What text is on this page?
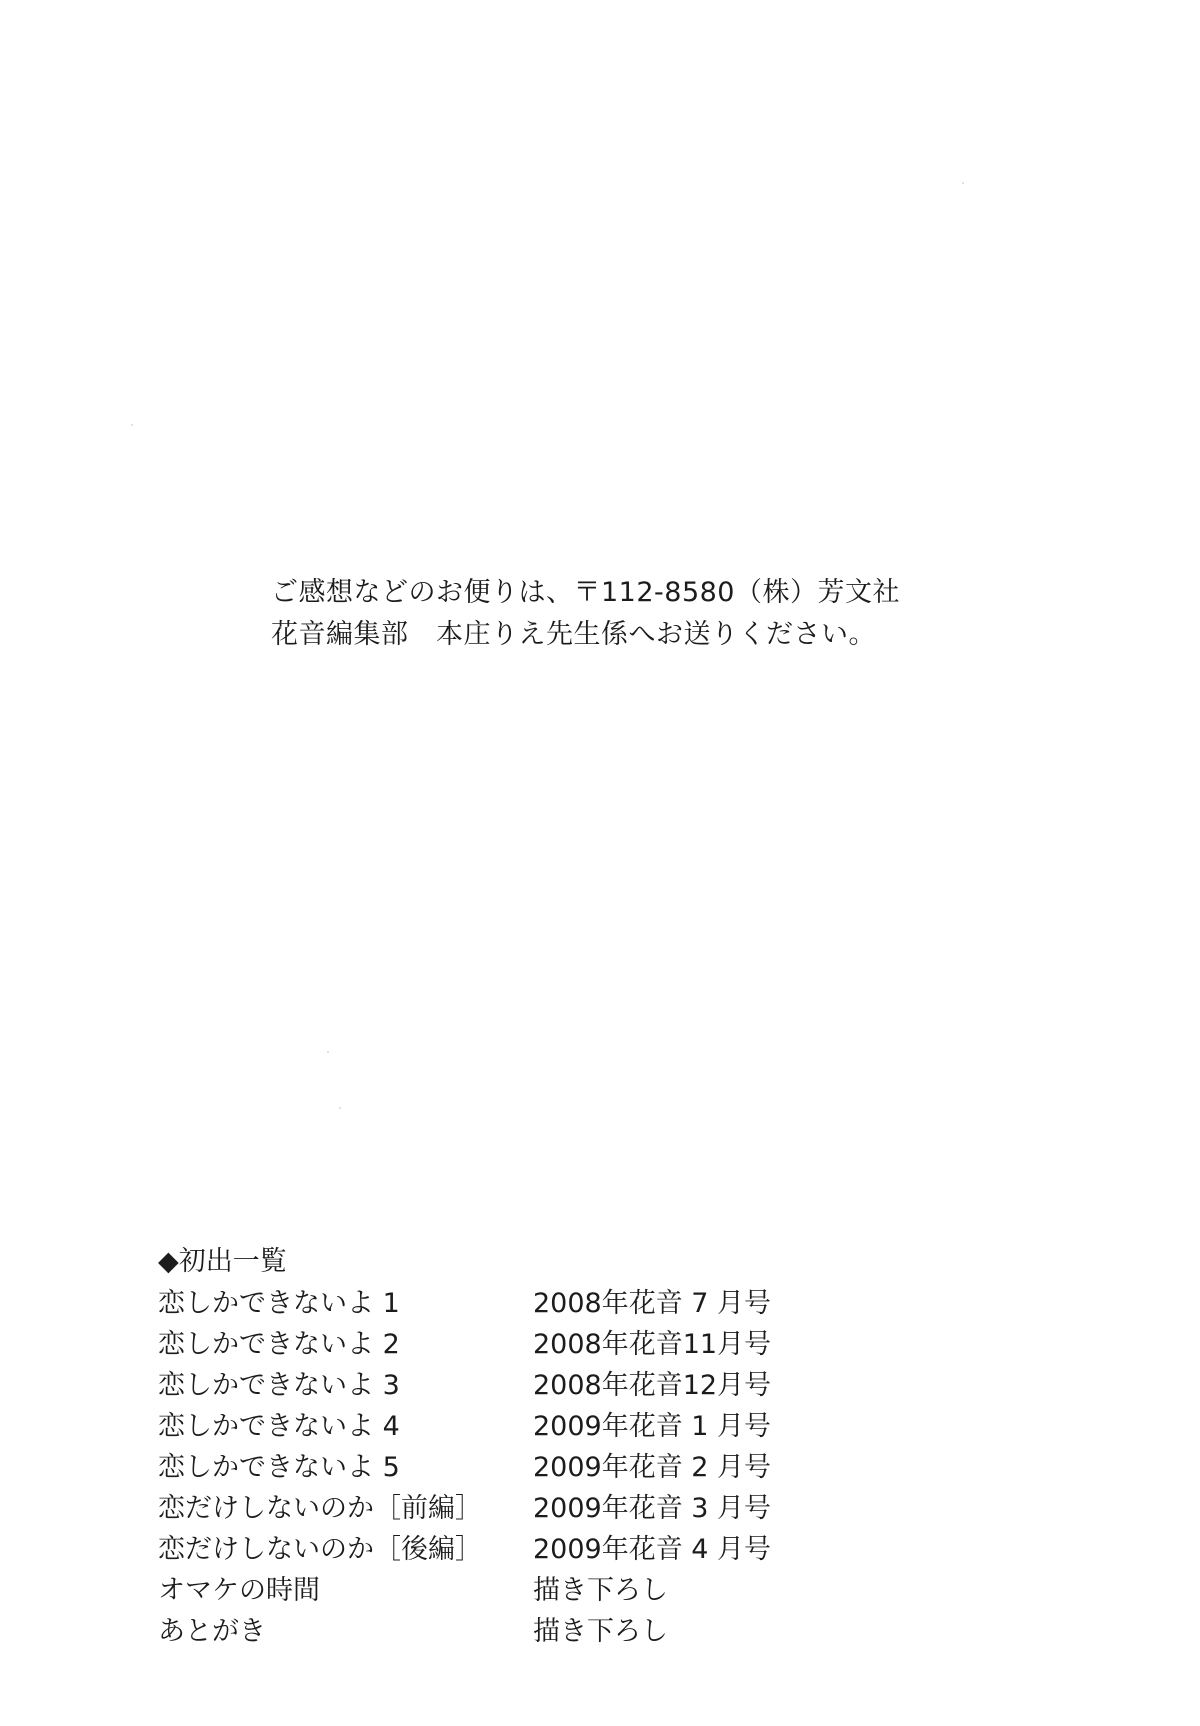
ご感想などのお便りは、〒112-8580（株）芳文社
花音編集部　本庄りえ先生係へお送りください。
◆初出一覧
恋しかできないよ 1	2008年花音 7 月号
恋しかできないよ 2	2008年花音11月号
恋しかできないよ 3	2008年花音12月号
恋しかできないよ 4	2009年花音 1 月号
恋しかできないよ 5	2009年花音 2 月号
恋だけしないのか［前編］	2009年花音 3 月号
恋だけしないのか［後編］	2009年花音 4 月号
オマケの時間	描き下ろし
あとがき	描き下ろし
